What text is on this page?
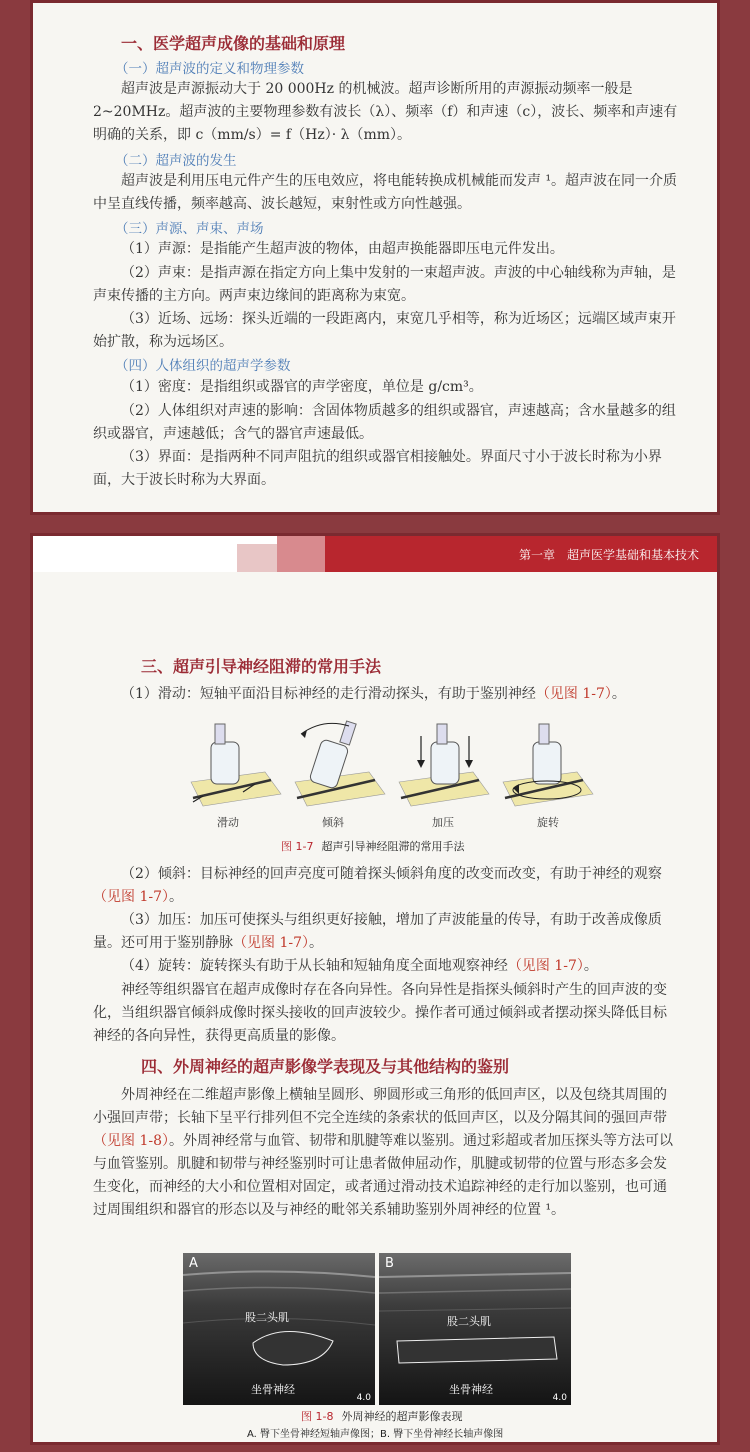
一、医学超声成像的基础和原理
（一）超声波的定义和物理参数

超声波是声源振动大于 20 000Hz 的机械波。超声诊断所用的声源振动频率一般是 2~20MHz。超声波的主要物理参数有波长（λ）、频率（f）和声速（c），波长、频率和声速有明确的关系，即 c（mm/s）= f（Hz）· λ（mm）。

（二）超声波的发生

超声波是利用压电元件产生的压电效应，将电能转换成机械能而发声 ¹。超声波在同一介质中呈直线传播，频率越高、波长越短，束射性或方向性越强。

（三）声源、声束、声场

（1）声源：是指能产生超声波的物体，由超声换能器即压电元件发出。

（2）声束：是指声源在指定方向上集中发射的一束超声波。声波的中心轴线称为声轴，是声束传播的主方向。两声束边缘间的距离称为束宽。

（3）近场、远场：探头近端的一段距离内，束宽几乎相等，称为近场区；远端区域声束开始扩散，称为远场区。

（四）人体组织的超声学参数

（1）密度：是指组织或器官的声学密度，单位是 g/cm³。

（2）人体组织对声速的影响：含固体物质越多的组织或器官，声速越高；含水量越多的组织或器官，声速越低；含气的器官声速最低。

（3）界面：是指两种不同声阻抗的组织或器官相接触处。界面尺寸小于波长时称为小界面，大于波长时称为大界面。

第一章　超声医学基础和基本技术
三、超声引导神经阻滞的常用手法

（1）滑动：短轴平面沿目标神经的走行滑动探头，有助于鉴别神经（见图 1-7）。

滑动	倾斜	加压	旋转
图 1-7 超声引导神经阻滞的常用手法

（2）倾斜：目标神经的回声亮度可随着探头倾斜角度的改变而改变，有助于神经的观察（见图 1-7）。

（3）加压：加压可使探头与组织更好接触，增加了声波能量的传导，有助于改善成像质量。还可用于鉴别静脉（见图 1-7）。

（4）旋转：旋转探头有助于从长轴和短轴角度全面地观察神经（见图 1-7）。

神经等组织器官在超声成像时存在各向异性。各向异性是指探头倾斜时产生的回声波的变化，当组织器官倾斜成像时探头接收的回声波较少。操作者可通过倾斜或者摆动探头降低目标神经的各向异性，获得更高质量的影像。

四、外周神经的超声影像学表现及与其他结构的鉴别

外周神经在二维超声影像上横轴呈圆形、卵圆形或三角形的低回声区，以及包绕其周围的小强回声带；长轴下呈平行排列但不完全连续的条索状的低回声区，以及分隔其间的强回声带（见图 1-8）。外周神经常与血管、韧带和肌腱等难以鉴别。通过彩超或者加压探头等方法可以与血管鉴别。肌腱和韧带与神经鉴别时可让患者做伸屈动作，肌腱或韧带的位置与形态多会发生变化，而神经的大小和位置相对固定，或者通过滑动技术追踪神经的走行加以鉴别，也可通过周围组织和器官的形态以及与神经的毗邻关系辅助鉴别外周神经的位置 ¹。

A
股二头肌
坐骨神经
4.0
B
股二头肌
坐骨神经
4.0
图 1-8 外周神经的超声影像表现
A. 臀下坐骨神经短轴声像图；B. 臀下坐骨神经长轴声像图
